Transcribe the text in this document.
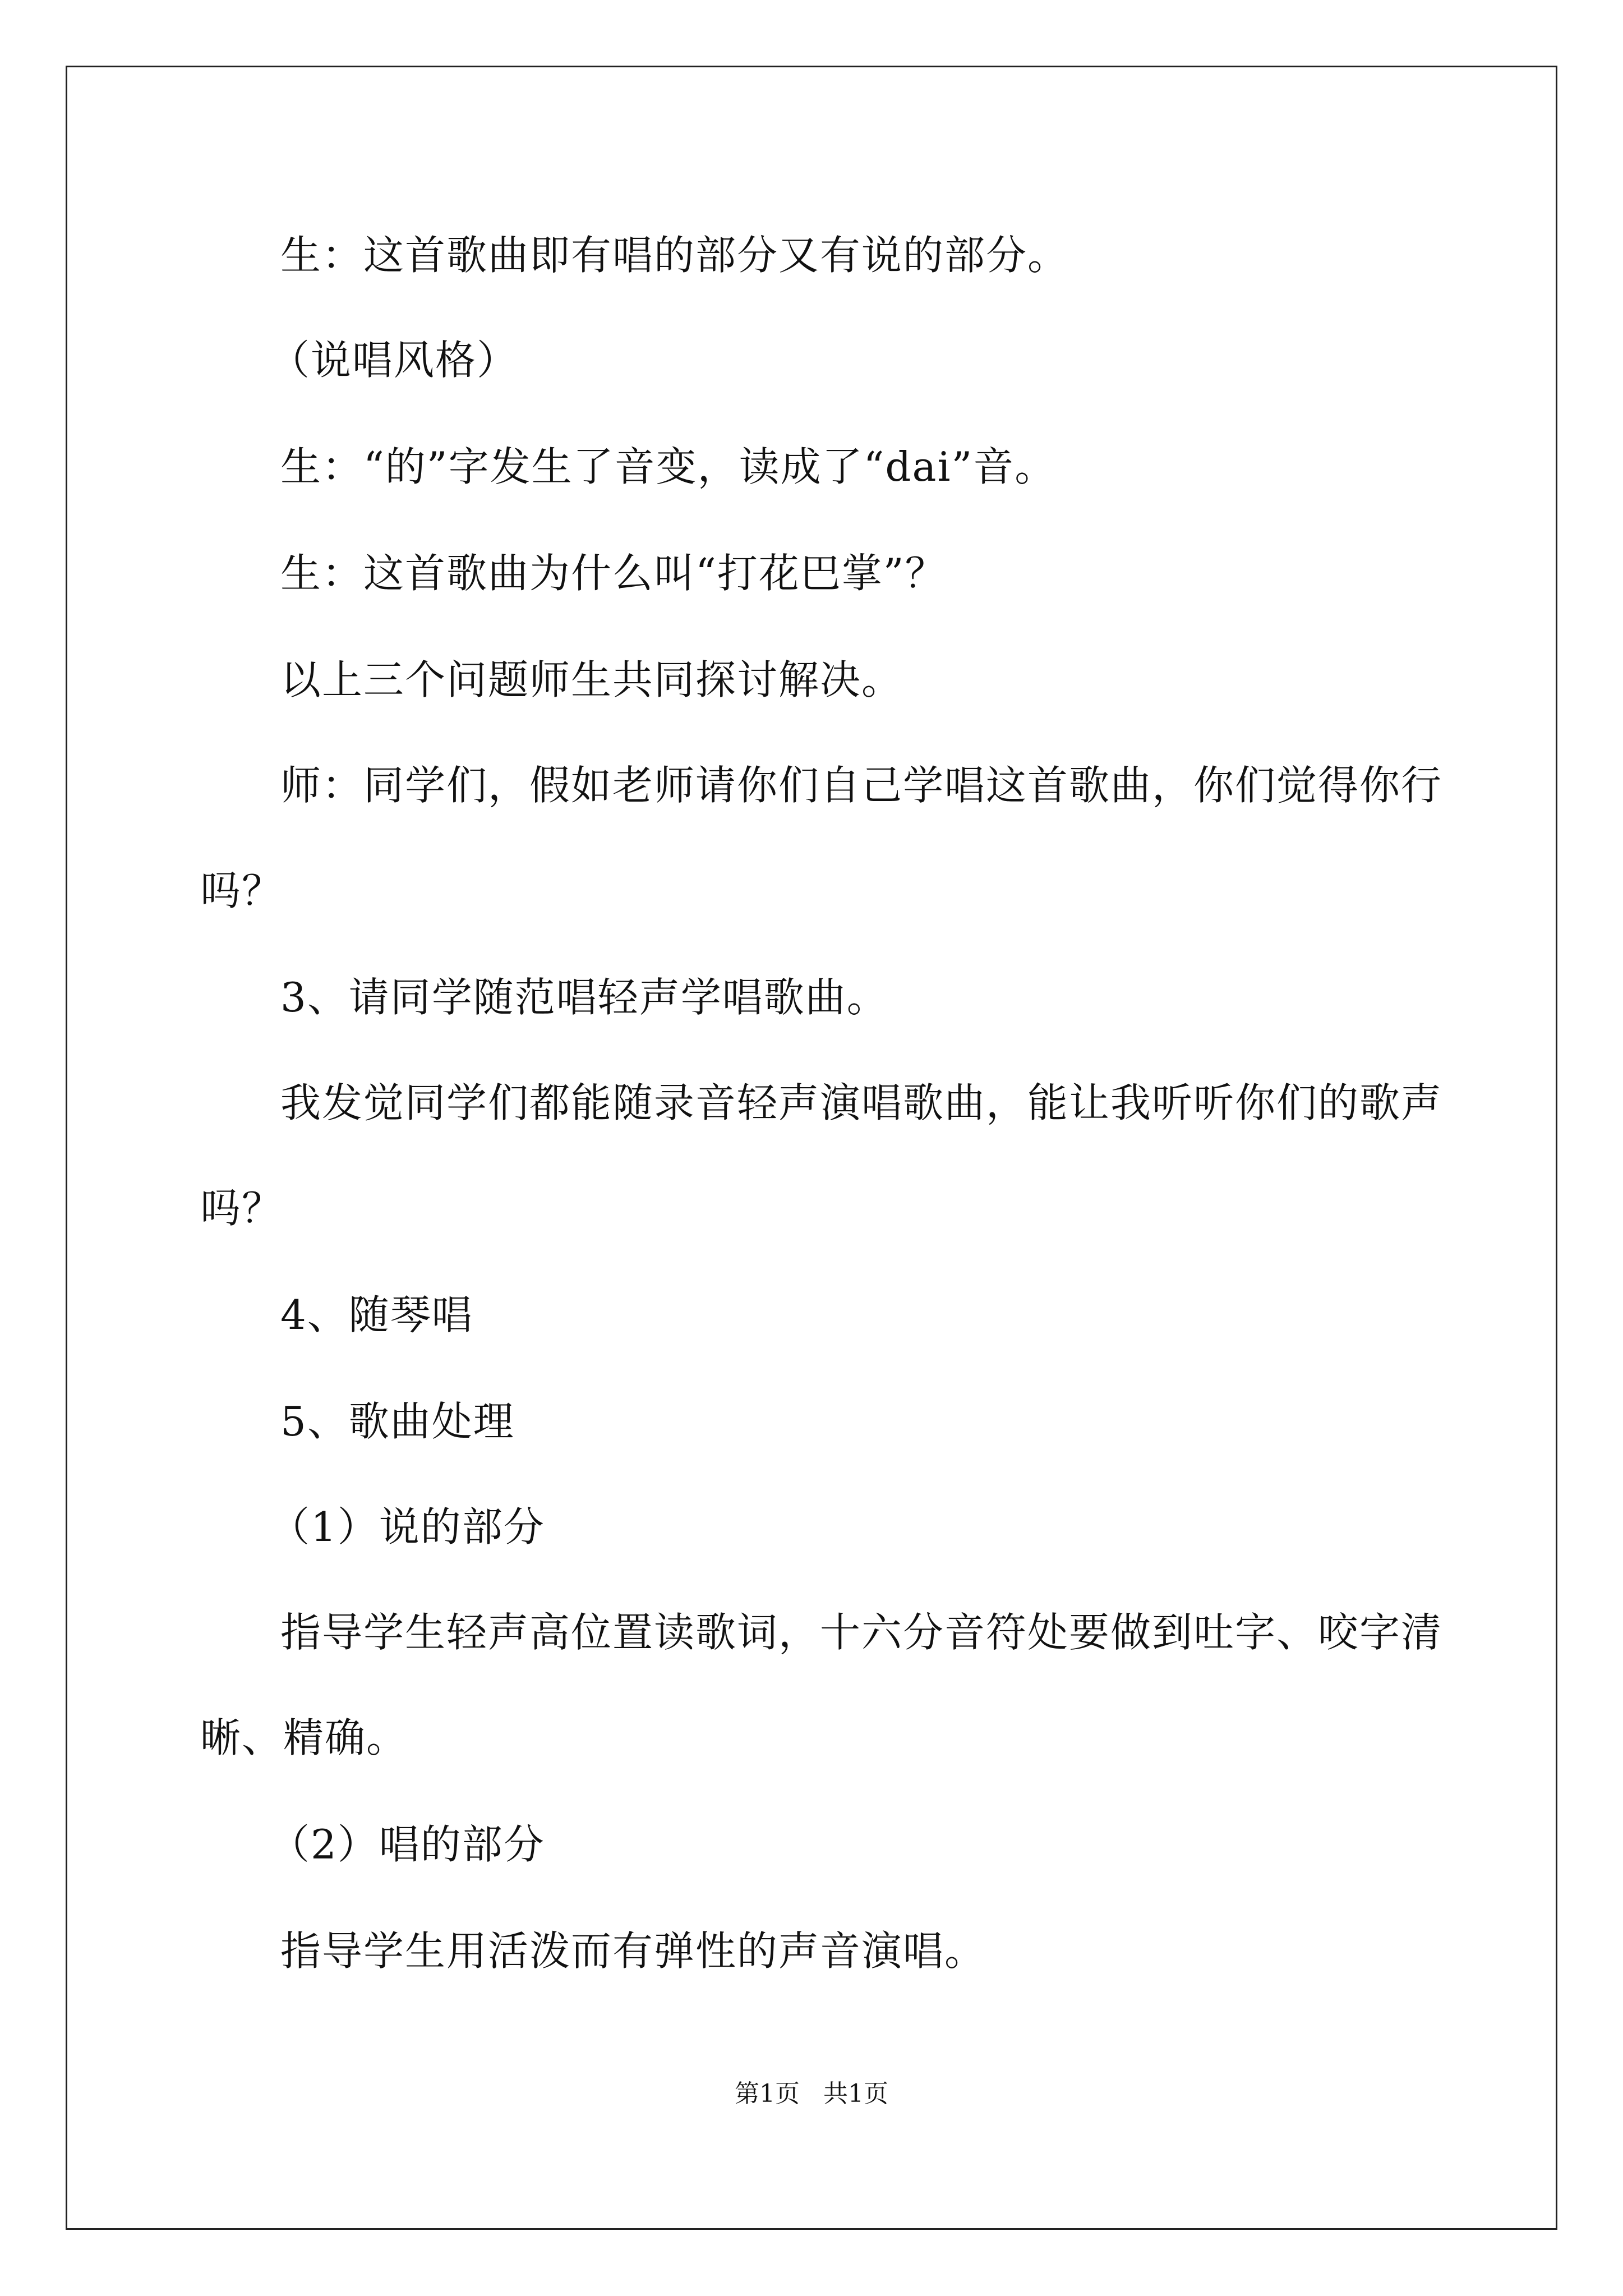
生：这首歌曲即有唱的部分又有说的部分。

（说唱风格）

生：“的”字发生了音变，读成了“dai”音。

生：这首歌曲为什么叫“打花巴掌”？

以上三个问题师生共同探讨解决。

师：同学们，假如老师请你们自己学唱这首歌曲，你们觉得你行

吗？

3、请同学随范唱轻声学唱歌曲。

我发觉同学们都能随录音轻声演唱歌曲，能让我听听你们的歌声

吗？

4、随琴唱

5、歌曲处理

（1）说的部分

指导学生轻声高位置读歌词，十六分音符处要做到吐字、咬字清

晰、精确。

（2）唱的部分

指导学生用活泼而有弹性的声音演唱。

第1页   共1页
